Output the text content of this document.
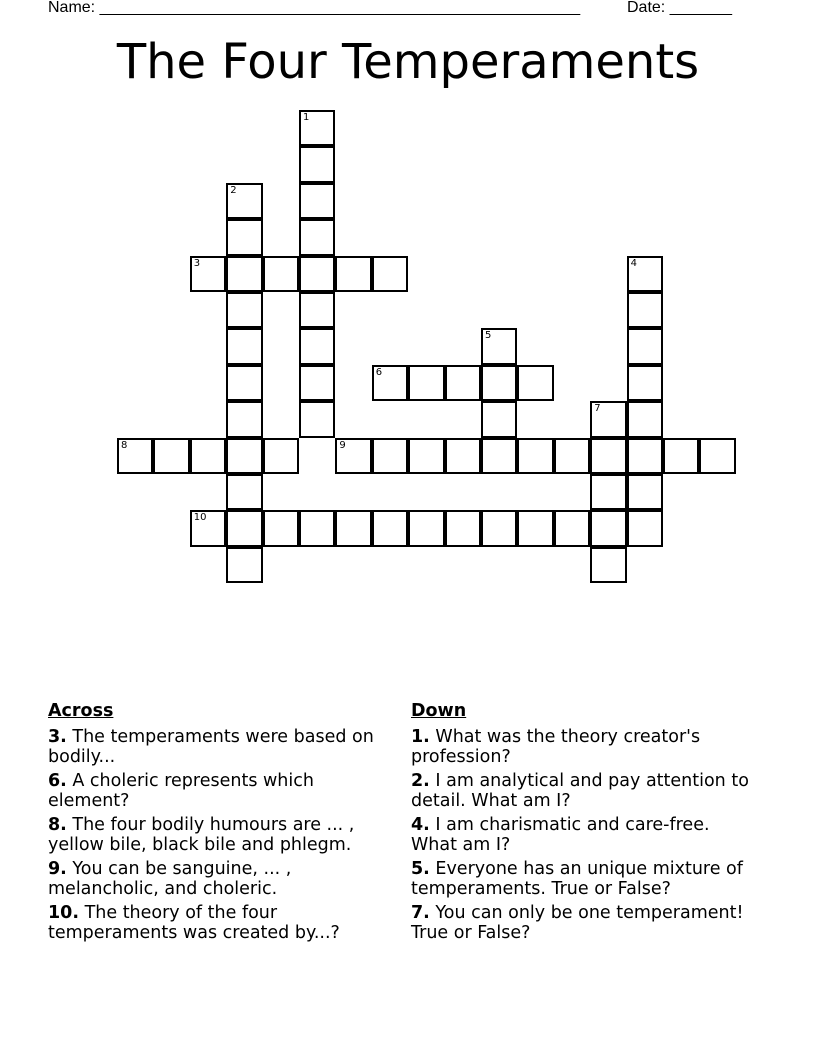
Name: ______________________________________________________	Date: _______
The Four Temperaments
1
2
3	4
5
6
7
8	9
10
Across
3. The temperaments were based on bodily...
6. A choleric represents which element?
8. The four bodily humours are ... , yellow bile, black bile and phlegm.
9. You can be sanguine, ... , melancholic, and choleric.
10. The theory of the four temperaments was created by...?
Down
1. What was the theory creator's profession?
2. I am analytical and pay attention to detail. What am I?
4. I am charismatic and care-free. What am I?
5. Everyone has an unique mixture of temperaments. True or False?
7. You can only be one temperament! True or False?
